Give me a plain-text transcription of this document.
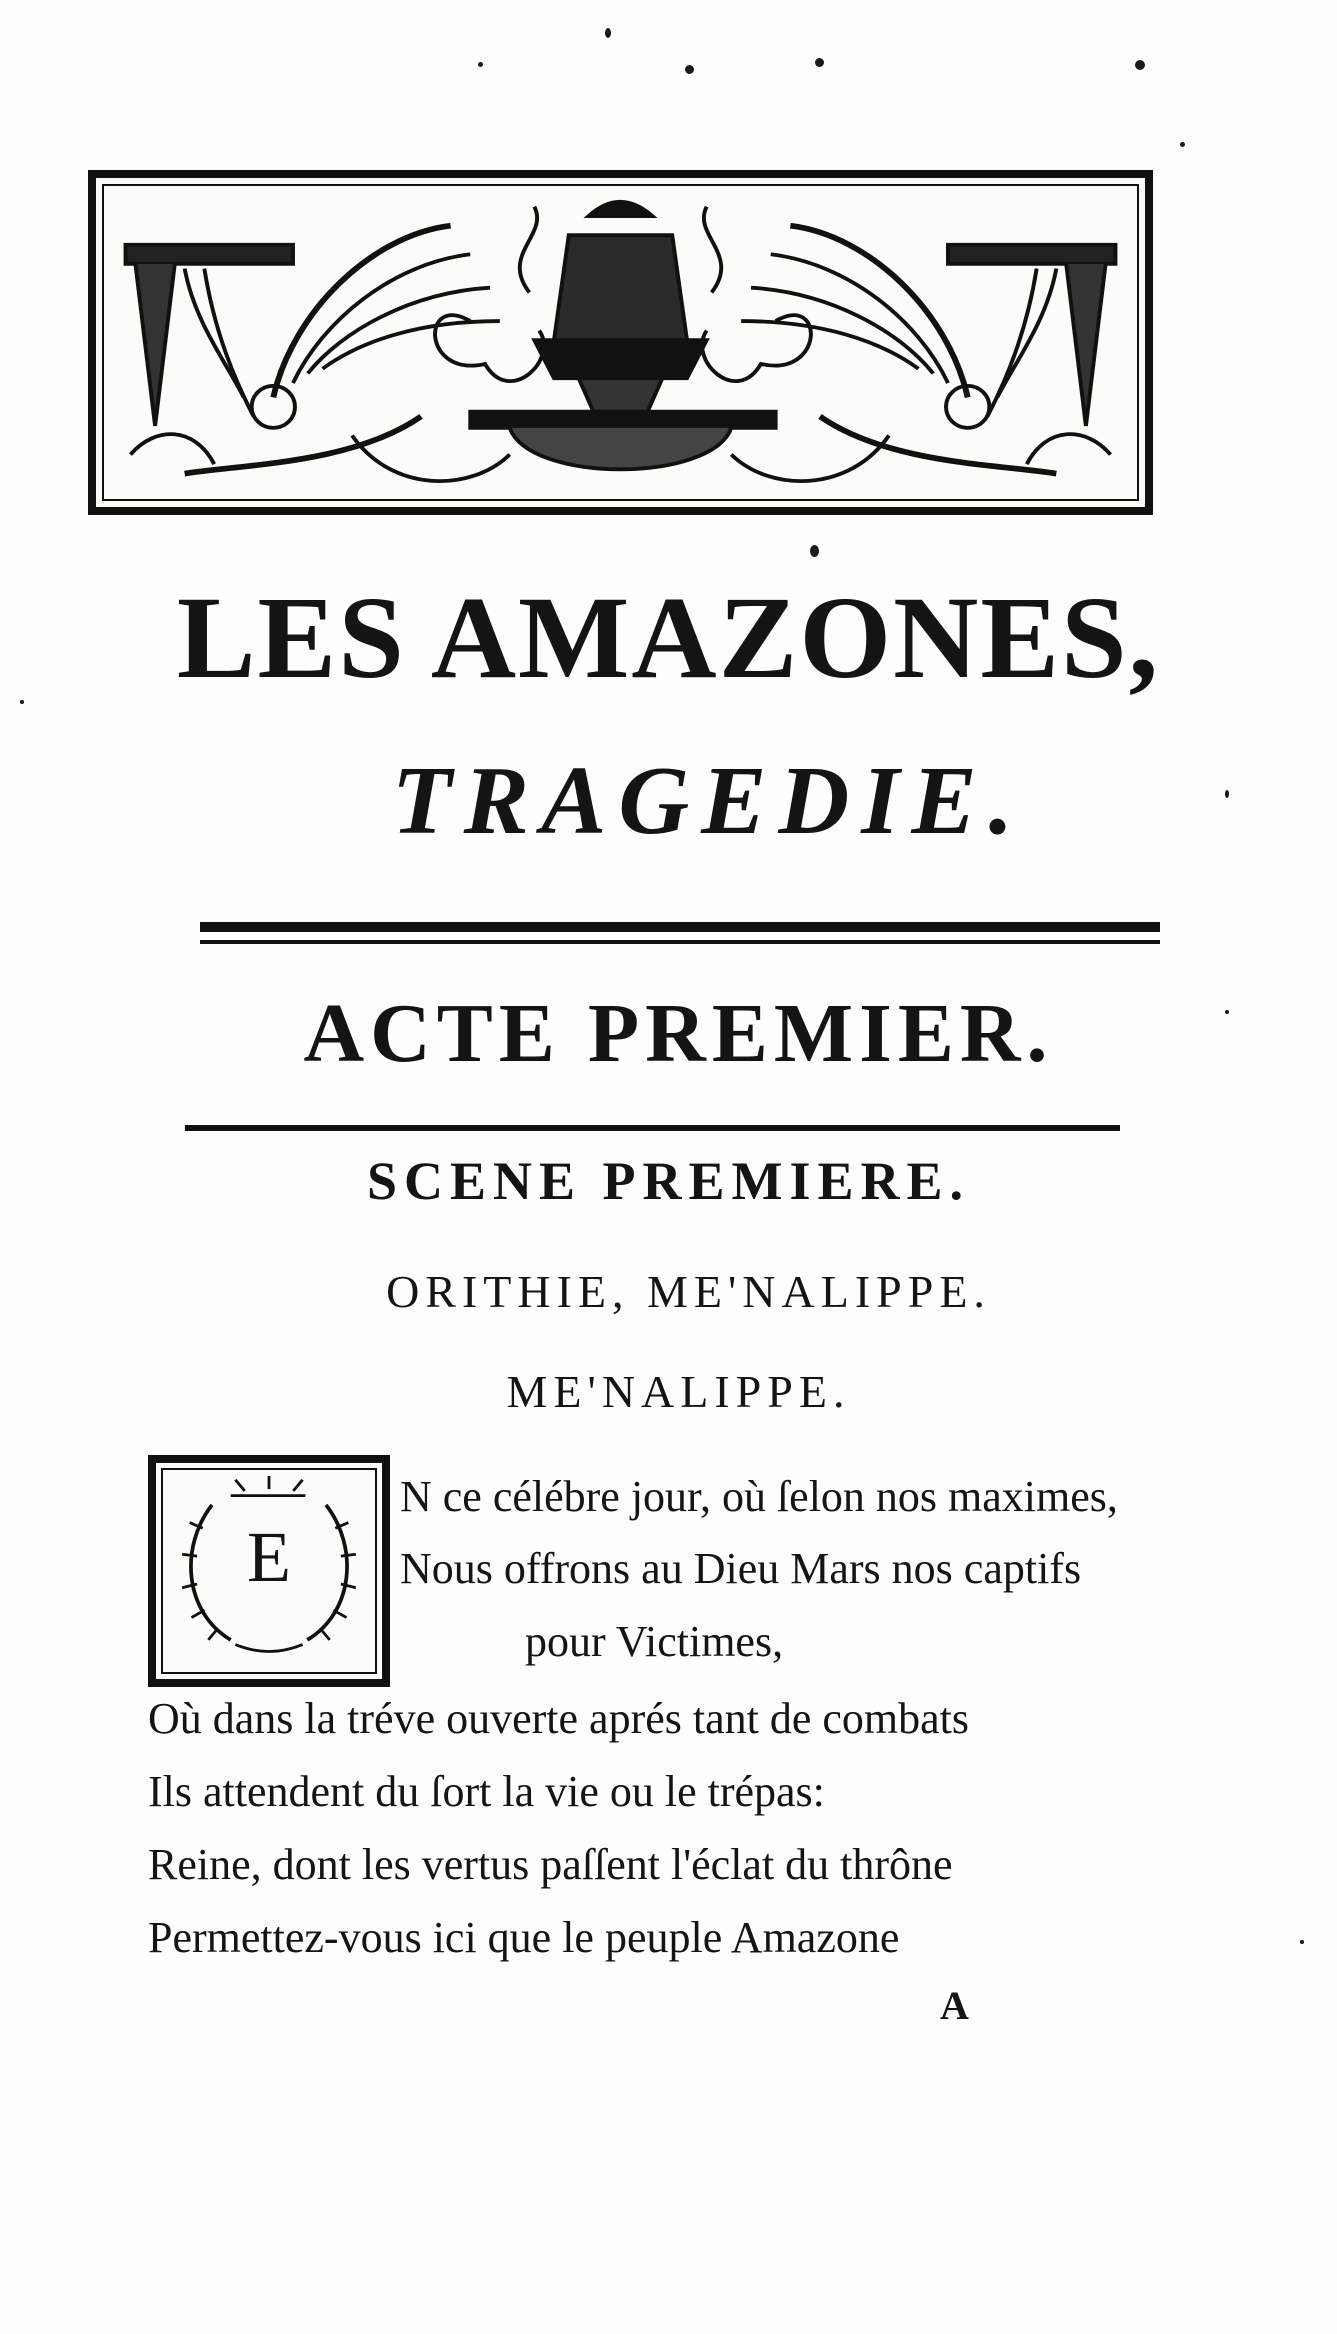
LES AMAZONES,
TRAGEDIE.
ACTE PREMIER.
SCENE PREMIERE.

ORITHIE, ME'NALIPPE.

ME'NALIPPE.

E

N ce célébre jour, où ſelon nos maximes,

Nous offrons au Dieu Mars nos captifs

pour Victimes,

Où dans la tréve ouverte aprés tant de combats

Ils attendent du ſort la vie ou le trépas:

Reine, dont les vertus paſſent l'éclat du thrône

Permettez-vous ici que le peuple Amazone

A
